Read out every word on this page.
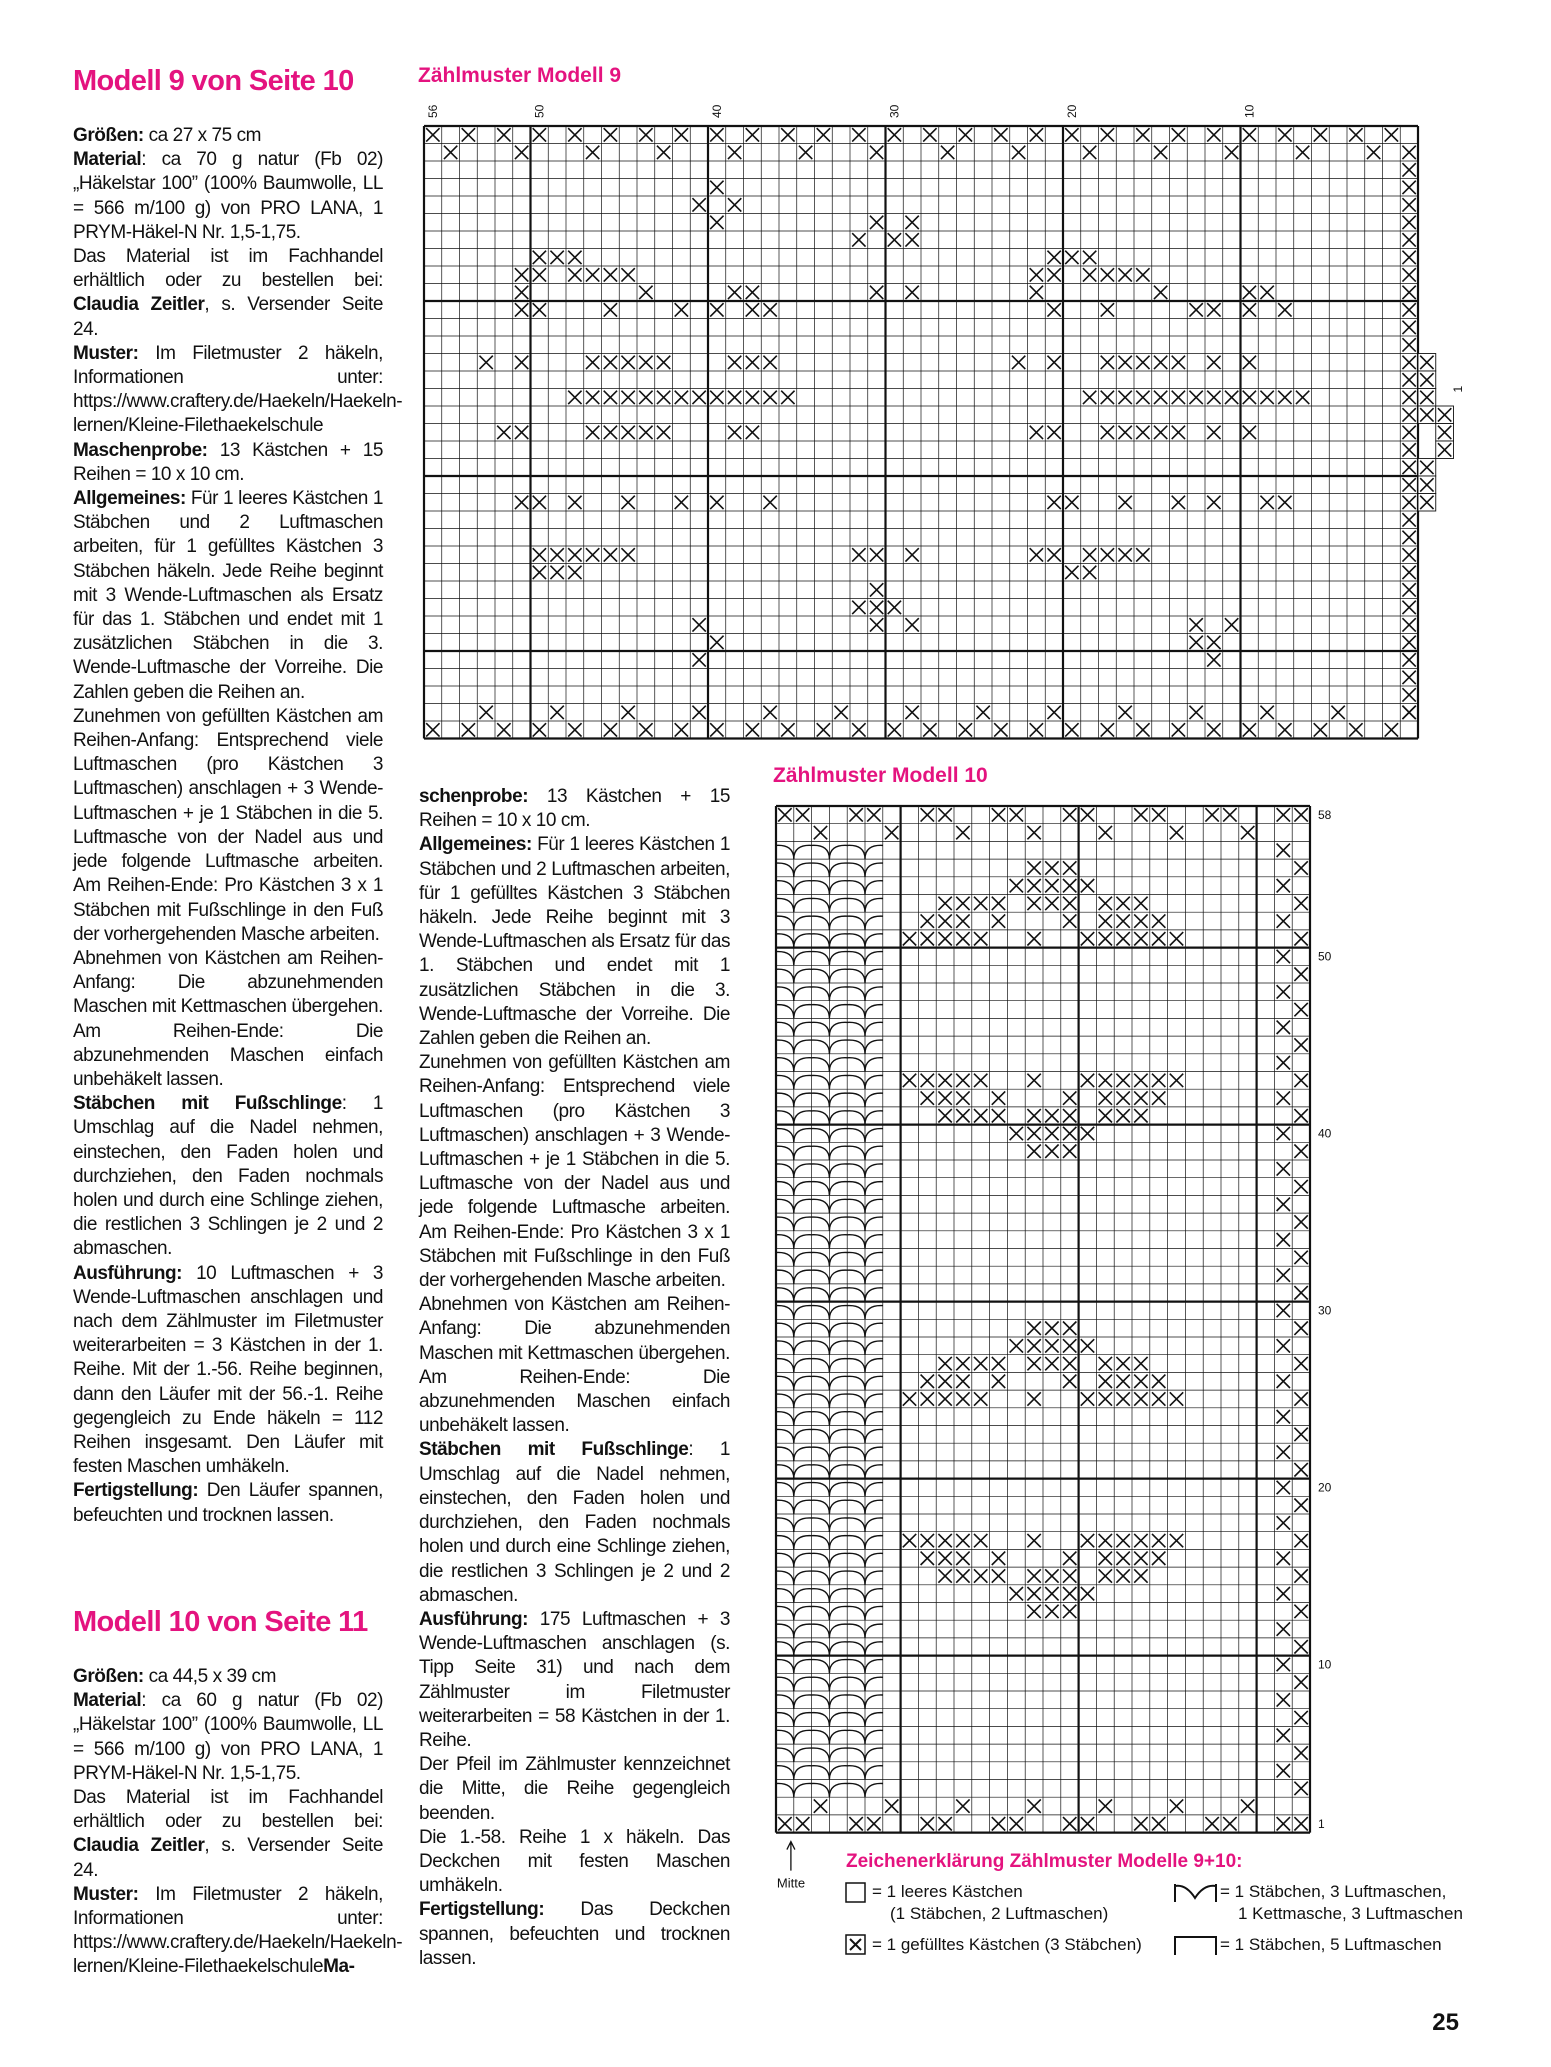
Modell 9 von Seite 10

Größen: ca 27 x 75 cm

Material: ca 70 g natur (Fb 02) „Häkelstar 100” (100% Baumwolle, LL = 566 m/100 g) von PRO LANA, 1 PRYM-Häkel-N Nr. 1,5-1,75.

Das Material ist im Fachhandel erhältlich oder zu bestellen bei: Claudia Zeitler, s. Versender Seite 24.

Muster: Im Filetmuster 2 häkeln, Informationen unter: https://www.craftery.de/Haekeln/Haekeln-lernen/Kleine-Filethaekelschule

Maschenprobe: 13 Kästchen + 15 Reihen = 10 x 10 cm.

Allgemeines: Für 1 leeres Kästchen 1 Stäbchen und 2 Luftmaschen arbeiten, für 1 gefülltes Kästchen 3 Stäbchen häkeln. Jede Reihe beginnt mit 3 Wende-Luftmaschen als Ersatz für das 1. Stäbchen und endet mit 1 zusätzlichen Stäbchen in die 3. Wende-Luftmasche der Vorreihe. Die Zahlen geben die Reihen an.

Zunehmen von gefüllten Kästchen am Reihen-Anfang: Entsprechend viele Luftmaschen (pro Kästchen 3 Luftmaschen) anschlagen + 3 Wende-Luftmaschen + je 1 Stäbchen in die 5. Luftmasche von der Nadel aus und jede folgende Luftmasche arbeiten. Am Reihen-Ende: Pro Kästchen 3 x 1 Stäbchen mit Fußschlinge in den Fuß der vorhergehenden Masche arbeiten.

Abnehmen von Kästchen am Reihen-Anfang: Die abzunehmenden Maschen mit Kettmaschen übergehen. Am Reihen-Ende: Die abzunehmenden Maschen einfach unbehäkelt lassen.

Stäbchen mit Fußschlinge: 1 Umschlag auf die Nadel nehmen, einstechen, den Faden holen und durchziehen, den Faden nochmals holen und durch eine Schlinge ziehen, die restlichen 3 Schlingen je 2 und 2 abmaschen.

Ausführung: 10 Luftmaschen + 3 Wende-Luftmaschen anschlagen und nach dem Zählmuster im Filetmuster weiterarbeiten = 3 Kästchen in der 1. Reihe. Mit der 1.-56. Reihe beginnen, dann den Läufer mit der 56.-1. Reihe gegengleich zu Ende häkeln = 112 Reihen insgesamt. Den Läufer mit festen Maschen umhäkeln.

Fertigstellung: Den Läufer spannen, befeuchten und trocknen lassen.

Modell 10 von Seite 11

Größen: ca 44,5 x 39 cm

Material: ca 60 g natur (Fb 02) „Häkelstar 100” (100% Baumwolle, LL = 566 m/100 g) von PRO LANA, 1 PRYM-Häkel-N Nr. 1,5-1,75.

Das Material ist im Fachhandel erhältlich oder zu bestellen bei: Claudia Zeitler, s. Versender Seite 24.

Muster: Im Filetmuster 2 häkeln, Informationen unter: https://www.craftery.de/Haekeln/Haekeln-lernen/Kleine-FilethaekelschuleMa-

schenprobe: 13 Kästchen + 15 Reihen = 10 x 10 cm.

Allgemeines: Für 1 leeres Kästchen 1 Stäbchen und 2 Luftmaschen arbeiten, für 1 gefülltes Kästchen 3 Stäbchen häkeln. Jede Reihe beginnt mit 3 Wende-Luftmaschen als Ersatz für das 1. Stäbchen und endet mit 1 zusätzlichen Stäbchen in die 3. Wende-Luftmasche der Vorreihe. Die Zahlen geben die Reihen an.

Zunehmen von gefüllten Kästchen am Reihen-Anfang: Entsprechend viele Luftmaschen (pro Kästchen 3 Luftmaschen) anschlagen + 3 Wende-Luftmaschen + je 1 Stäbchen in die 5. Luftmasche von der Nadel aus und jede folgende Luftmasche arbeiten. Am Reihen-Ende: Pro Kästchen 3 x 1 Stäbchen mit Fußschlinge in den Fuß der vorhergehenden Masche arbeiten.

Abnehmen von Kästchen am Reihen-Anfang: Die abzunehmenden Maschen mit Kettmaschen übergehen. Am Reihen-Ende: Die abzunehmenden Maschen einfach unbehäkelt lassen.

Stäbchen mit Fußschlinge: 1 Umschlag auf die Nadel nehmen, einstechen, den Faden holen und durchziehen, den Faden nochmals holen und durch eine Schlinge ziehen, die restlichen 3 Schlingen je 2 und 2 abmaschen.

Ausführung: 175 Luftmaschen + 3 Wende-Luftmaschen anschlagen (s. Tipp Seite 31) und nach dem Zählmuster im Filetmuster weiterarbeiten = 58 Kästchen in der 1. Reihe.

Der Pfeil im Zählmuster kennzeichnet die Mitte, die Reihe gegengleich beenden.

Die 1.-58. Reihe 1 x häkeln. Das Deckchen mit festen Maschen umhäkeln.

Fertigstellung: Das Deckchen spannen, befeuchten und trocknen lassen.

Zählmuster Modell 9
56	50	40	30	20	10
1
Zählmuster Modell 10
58
50
40
30
20
10
1
Mitte
Zeichenerklärung Zählmuster Modelle 9+10:
= 1 leeres Kästchen
(1 Stäbchen, 2 Luftmaschen)
= 1 gefülltes Kästchen (3 Stäbchen)
= 1 Stäbchen, 3 Luftmaschen,
1 Kettmasche, 3 Luftmaschen
= 1 Stäbchen, 5 Luftmaschen
25
